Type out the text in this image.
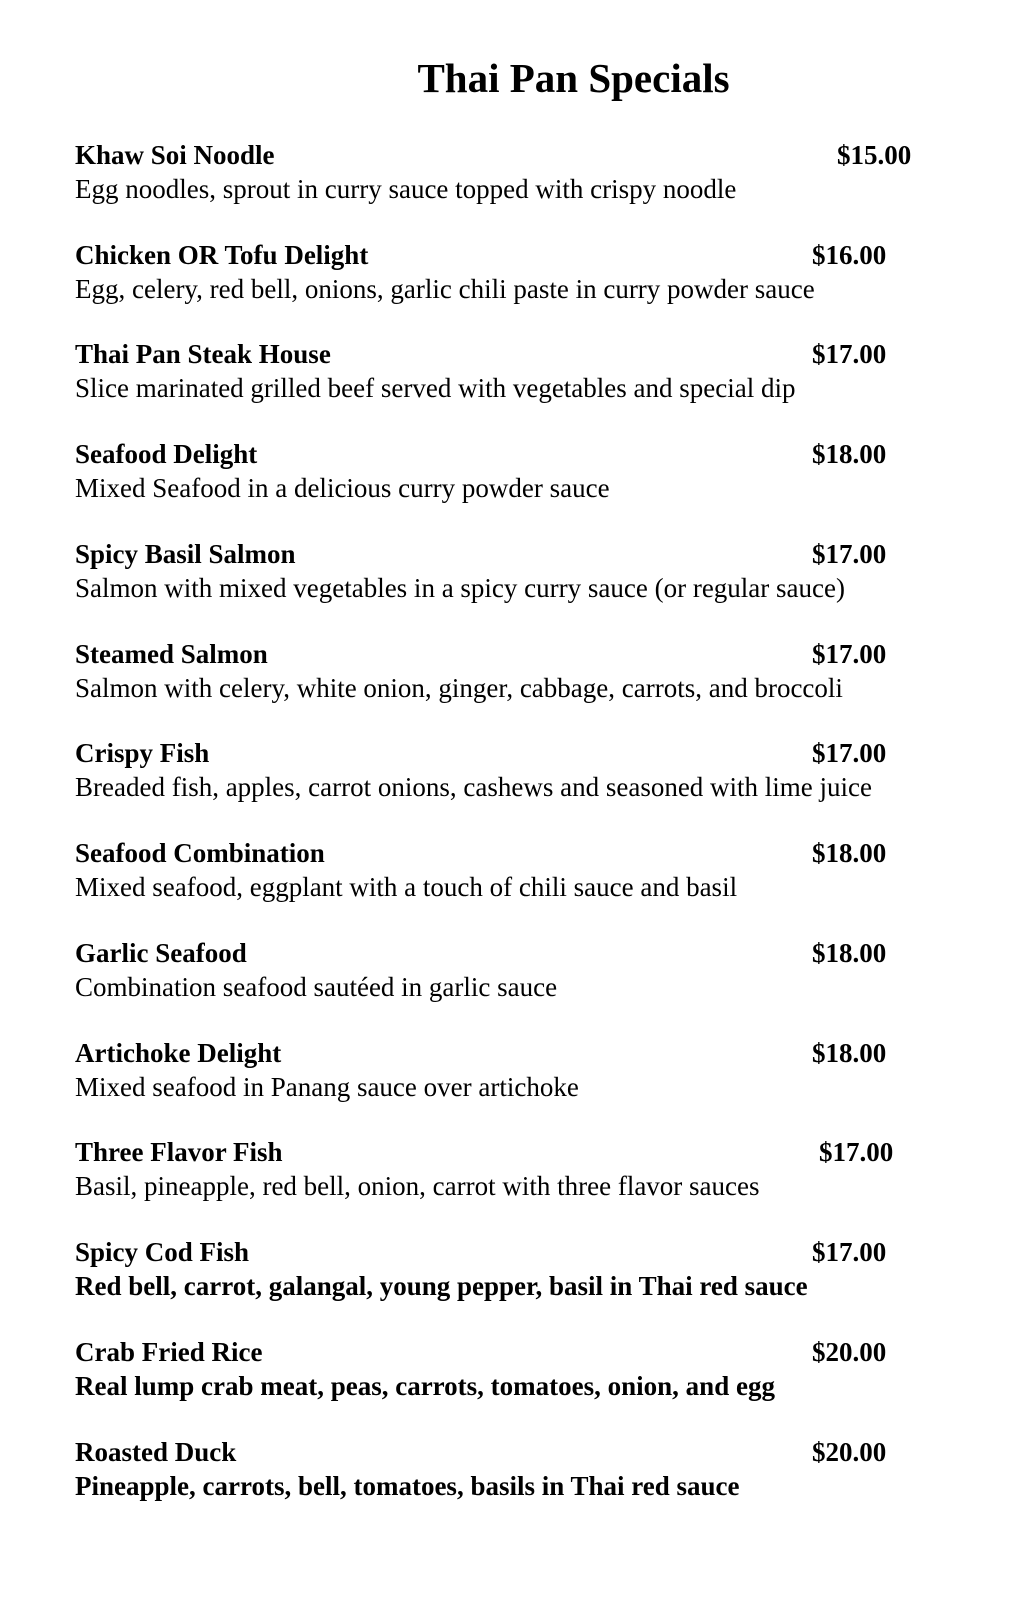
Thai Pan Specials
Khaw Soi Noodle	$15.00
Egg noodles, sprout in curry sauce topped with crispy noodle
Chicken OR Tofu Delight	$16.00
Egg, celery, red bell, onions, garlic chili paste in curry powder sauce
Thai Pan Steak House	$17.00
Slice marinated grilled beef served with vegetables and special dip
Seafood Delight	$18.00
Mixed Seafood in a delicious curry powder sauce
Spicy Basil Salmon	$17.00
Salmon with mixed vegetables in a spicy curry sauce (or regular sauce)
Steamed Salmon	$17.00
Salmon with celery, white onion, ginger, cabbage, carrots, and broccoli
Crispy Fish	$17.00
Breaded fish, apples, carrot onions, cashews and seasoned with lime juice
Seafood Combination	$18.00
Mixed seafood, eggplant with a touch of chili sauce and basil
Garlic Seafood	$18.00
Combination seafood sautéed in garlic sauce
Artichoke Delight	$18.00
Mixed seafood in Panang sauce over artichoke
Three Flavor Fish	$17.00
Basil, pineapple, red bell, onion, carrot with three flavor sauces
Spicy Cod Fish	$17.00
Red bell, carrot, galangal, young pepper, basil in Thai red sauce
Crab Fried Rice	$20.00
Real lump crab meat, peas, carrots, tomatoes, onion, and egg
Roasted Duck	$20.00
Pineapple, carrots, bell, tomatoes, basils in Thai red sauce
